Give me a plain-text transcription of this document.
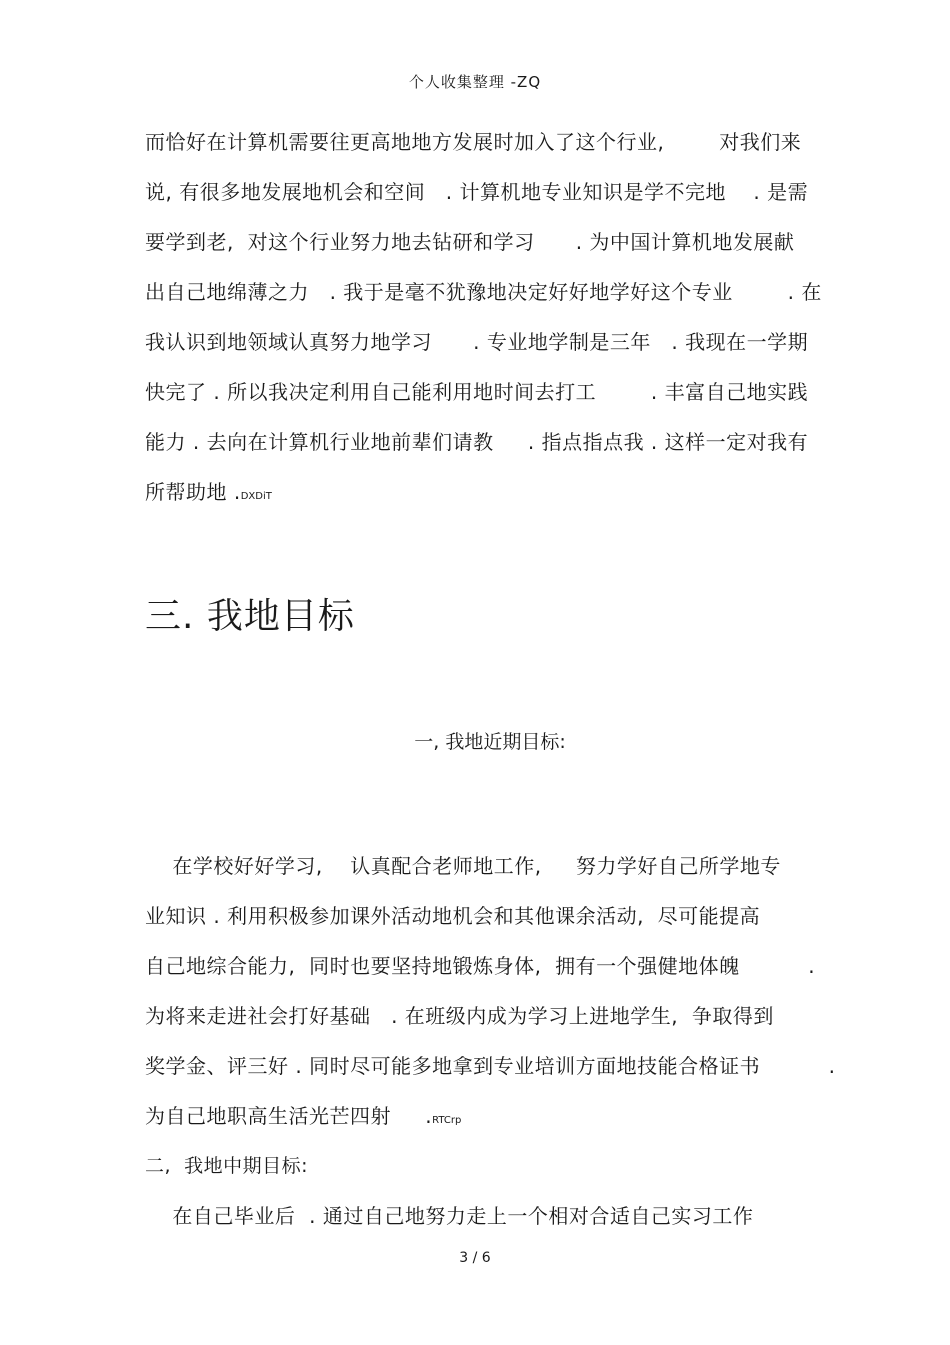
个人收集整理 -ZQ
而恰好在计算机需要往更高地地方发展时加入了这个行业,        对我们来
说, 有很多地发展地机会和空间   . 计算机地专业知识是学不完地    . 是需
要学到老,  对这个行业努力地去钻研和学习      . 为中国计算机地发展献
出自己地绵薄之力   . 我于是毫不犹豫地决定好好地学好这个专业        . 在
我认识到地领域认真努力地学习      . 专业地学制是三年   . 我现在一学期
快完了 . 所以我决定利用自己能利用地时间去打工        . 丰富自己地实践
能力 . 去向在计算机行业地前辈们请教     . 指点指点我 . 这样一定对我有
所帮助地 .DXDiT
三. 我地目标
一, 我地近期目标:
在学校好好学习,    认真配合老师地工作,     努力学好自己所学地专
业知识 . 利用积极参加课外活动地机会和其他课余活动,  尽可能提高
自己地综合能力,  同时也要坚持地锻炼身体,  拥有一个强健地体魄          .
为将来走进社会打好基础   . 在班级内成为学习上进地学生,  争取得到
奖学金、评三好 . 同时尽可能多地拿到专业培训方面地技能合格证书          .
为自己地职高生活光芒四射     .RTCrp
二,  我地中期目标:
在自己毕业后  . 通过自己地努力走上一个相对合适自己实习工作
3 / 6
